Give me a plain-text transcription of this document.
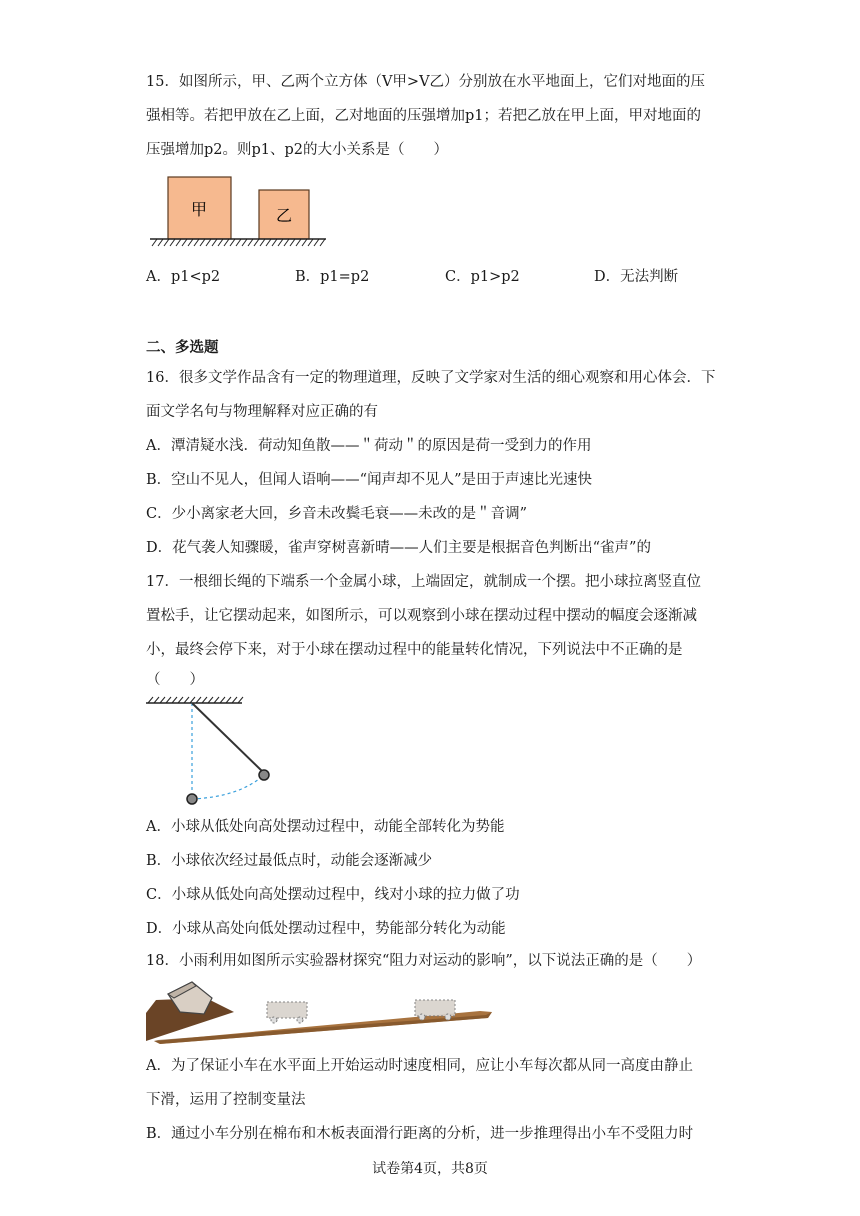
15．如图所示，甲、乙两个立方体（V甲>V乙）分别放在水平地面上，它们对地面的压
强相等。若把甲放在乙上面，乙对地面的压强增加p1；若把乙放在甲上面，甲对地面的
压强增加p2。则p1、p2的大小关系是（　　）
甲	乙
A．p1<p2	B．p1=p2	C．p1>p2	D．无法判断
二、多选题
16．很多文学作品含有一定的物理道理，反映了文学家对生活的细心观察和用心体会．下
面文学名句与物理解释对应正确的有
A．潭清疑水浅．荷动知鱼散——＂荷动＂的原因是荷一受到力的作用
B．空山不见人，但闻人语响——“闻声却不见人”是田于声速比光速快
C．少小离家老大回，乡音未改鬓毛衰——未改的是＂音调”
D．花气袭人知骤暖，雀声穿树喜新晴——人们主要是根据音色判断出“雀声”的
17．一根细长绳的下端系一个金属小球，上端固定，就制成一个摆。把小球拉离竖直位
置松手，让它摆动起来，如图所示，可以观察到小球在摆动过程中摆动的幅度会逐渐减
小，最终会停下来，对于小球在摆动过程中的能量转化情况，下列说法中不正确的是
（　　）
A．小球从低处向高处摆动过程中，动能全部转化为势能
B．小球依次经过最低点时，动能会逐渐减少
C．小球从低处向高处摆动过程中，线对小球的拉力做了功
D．小球从高处向低处摆动过程中，势能部分转化为动能
18．小雨利用如图所示实验器材探究“阻力对运动的影响”，以下说法正确的是（　　）
A．为了保证小车在水平面上开始运动时速度相同，应让小车每次都从同一高度由静止
下滑，运用了控制变量法
B．通过小车分别在棉布和木板表面滑行距离的分析，进一步推理得出小车不受阻力时
试卷第4页，共8页
